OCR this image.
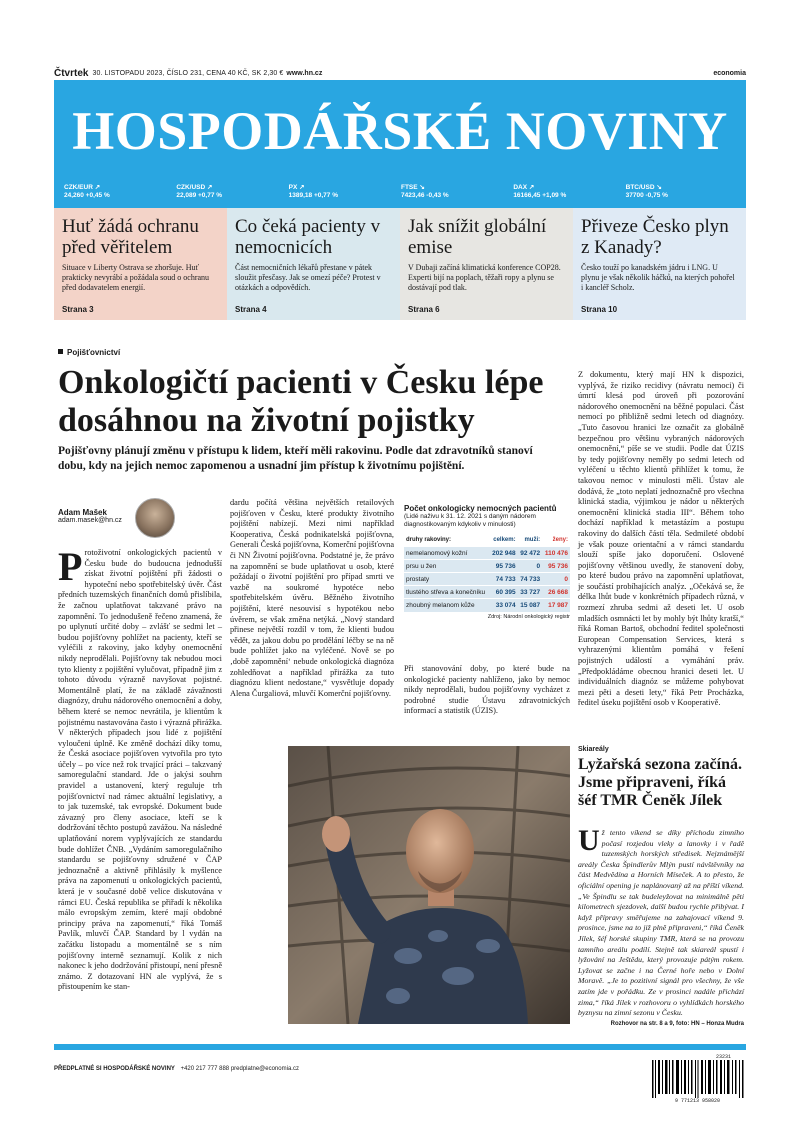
Čtvrtek 30. LISTOPADU 2023, ČÍSLO 231, CENA 40 KČ, SK 2,30 € www.hn.cz	economia
HOSPODÁŘSKÉ NOVINY
CZK/EUR ↗
24,260 +0,45 %
CZK/USD ↗
22,089 +0,77 %
PX ↗
1389,18 +0,77 %
FTSE ↘
7423,46 -0,43 %
DAX ↗
16166,45 +1,09 %
BTC/USD ↘
37700 -0,75 %
Huť žádá ochranu před věřitelem

Situace v Liberty Ostrava se zhoršuje. Huť prakticky nevyrábí a požádala soud o ochranu před dodavatelem energií.

Strana 3
Co čeká pacienty v nemocnicích

Část nemocničních lékařů přestane v pátek sloužit přesčasy. Jak se omezí péče? Protest v otázkách a odpovědích.

Strana 4
Jak snížit globální emise

V Dubaji začíná klimatická konference COP28. Experti bijí na poplach, těžaři ropy a plynu se dostávají pod tlak.

Strana 6
Přiveze Česko plyn z Kanady?

Česko touží po kanadském jádru i LNG. U plynu je však několik háčků, na kterých pohořel i kancléř Scholz.

Strana 10
Pojišťovnictví
Onkologičtí pacienti v Česku lépe dosáhnou na životní pojistky
Pojišťovny plánují změnu v přístupu k lidem, kteří měli rakovinu. Podle dat zdravotníků stanoví dobu, kdy na jejich nemoc zapomenou a usnadní jim přístup k životnímu pojištění.
Adam Mašek
adam.masek@hn.cz
P rotoživotní onkologických pacientů v Česku bude do budoucna jednodušší získat životní pojištění při žádosti o hypoteční nebo spotřebitelský úvěr. Část předních tuzemských finančních domů přislíbila, že začnou uplatňovat takzvané právo na zapomnění. To jednodušeně řečeno znamená, že po uplynutí určité doby – zvlášť se sedmi let – budou pojišťovny pohlížet na pacienty, kteří se vyléčili z rakoviny, jako kdyby onemocnění nikdy neprodělali. Pojišťovny tak nebudou moci tyto klienty z pojištění vylučovat, případně jim z tohoto důvodu výrazně navyšovat pojistné. Momentálně platí, že na základě závažnosti diagnózy, druhu nádorového onemocnění a doby, během které se nemoc nevrátila, je klientům k pojistnému nastavována často i výrazná přirážka. V některých případech jsou lidé z pojištění vyloučeni úplně. Ke změně dochází díky tomu, že Česká asociace pojišťoven vytvořila pro tyto účely – po více než rok trvající práci – takzvaný samoregulační standard. Jde o jakýsi souhrn pravidel a ustanovení, který reguluje trh pojišťovnictví nad rámec aktuální legislativy, a to jak tuzemské, tak evropské. Dokument bude závazný pro členy asociace, kteří se k dodržování těchto postupů zavážou. Na následné uplatňování norem vyplývajících ze standardu bude dohlížet ČNB. „Vydáním samoregulačního standardu se pojišťovny sdružené v ČAP jednoznačně a aktivně přihlásily k myšlence práva na zapomenutí u onkologických pacientů, která je v současné době velice diskutována v rámci EU. Česká republika se přiřadí k několika málo evropským zemím, které mají obdobné principy práva na zapomenutí,“ říká Tomáš Pavlík, mluvčí ČAP. Standard by l vydán na začátku listopadu a momentálně se s ním pojišťovny interně seznamují. Kolik z nich nakonec k jeho dodržování přistoupí, není přesně známo. Z dotazovaní HN ale vyplývá, že s přistoupením ke stan-
dardu počítá většina největších retailových pojišťoven v Česku, které produkty životního pojištění nabízejí. Mezi nimi například Kooperativa, Česká podnikatelská pojišťovna, Generali Česká pojišťovna, Komerční pojišťovna či NN Životní pojišťovna. Podstatné je, že právo na zapomnění se bude uplatňovat u osob, které požádají o životní pojištění pro případ smrti ve vazbě na soukromé hypotéce nebo spotřebitelském úvěru. Běžného životního pojištění, které nesouvisí s hypotékou nebo úvěrem, se však změna netýká. „Nový standard přinese největší rozdíl v tom, že klienti budou vědět, za jakou dobu po prodělání léčby se na ně bude pohlížet jako na vyléčené. Nově se po ‚době zapomnění‘ nebude onkologická diagnóza zohledňovat a například přirážka za tuto diagnózu klient nedostane,“ vysvětluje dopady Alena Čurgaliová, mluvčí Komerční pojišťovny.
Počet onkologicky nemocných pacientů
(Lidé naživu k 31. 12. 2021 s daným nádorem diagnostikovaným kdykoliv v minulosti)
druhy rakoviny:	celkem:	muži:	ženy:
nemelanomový kožní	202 948	92 472	110 476
prsu u žen	95 736	0	95 736
prostaty	74 733	74 733	0
tlustého střeva a konečníku	60 395	33 727	26 668
zhoubný melanom kůže	33 074	15 087	17 987
Zdroj: Národní onkologický registr
Při stanovování doby, po které bude na onkologické pacienty nahlíženo, jako by nemoc nikdy neprodělali, budou pojišťovny vycházet z podrobné studie Ústavu zdravotnických informací a statistik (ÚZIS).
Z dokumentu, který mají HN k dispozici, vyplývá, že riziko recidivy (návratu nemoci) či úmrtí klesá pod úroveň při pozorování nádorového onemocnění na běžné populaci. Část nemocí po přibližně sedmi letech od diagnózy. „Tuto časovou hranici lze označit za globálně bezpečnou pro většinu vybraných nádorových onemocnění,“ píše se ve studii. Podle dat ÚZIS by tedy pojišťovny neměly po sedmi letech od vyléčení u těchto klientů přihlížet k tomu, že takovou nemoc v minulosti měli. Ústav ale dodává, že „toto neplatí jednoznačně pro všechna klinická stadia, výjimkou je nádor u některých onemocnění klinická stadia III“. Během toho dochází například k metastázím a postupu rakoviny do dalších částí těla. Sedmileté období je však pouze orientační a v rámci standardu slouží spíše jako doporučení. Oslovené pojišťovny většinou uvedly, že stanovení doby, po které budou právo na zapomnění uplatňovat, je součástí probíhajících analýz. „Očekává se, že délka lhůt bude v konkrétních případech různá, v rozmezí zhruba sedmi až deseti let. U osob mladších osmnácti let by mohly být lhůty kratší,“ říká Roman Bartoš, obchodní ředitel společnosti European Compensation Services, která s vyhrazenými klientům pomáhá v řešení pojistných událostí a vymáhání práv. „Předpokládáme obecnou hranici deseti let. U individuálních diagnóz se můžeme pohybovat mezi pěti a deseti lety,“ říká Petr Procházka, ředitel úseku pojištění osob v Kooperativě.
Skiareály
Lyžařská sezona začíná. Jsme připraveni, říká šéf TMR Čeněk Jílek
U ž tento víkend se díky příchodu zimního počasí rozjedou vleky a lanovky i v řadě tuzemských horských středisek. Nejznámější areály Česka Špindlerův Mlýn pustí návštěvníky na část Medvědína a Horních Míseček. A to přesto, že oficiální opening je naplánovaný až na příští víkend. „Ve Špindlu se tak budeleyžovat na minimálně pěti kilometrech sjezdovek, další budou rychle přibývat. I když přípravy směřujeme na zahajovací víkend 9. prosince, jsme na to již plně připraveni,“ říká Čeněk Jílek, šéf horské skupiny TMR, která se na provozu tamního areálu podílí. Stejně tak skiareál spustí i lyžování na Ještědu, který provozuje pátým rokem. Lyžovat se začne i na Černé hoře nebo v Dolní Moravě. „Je to pozitivní signál pro všechny, že vše zatím jde v pořádku. Ze v prosinci nadále přichází zima,“ říká Jílek v rozhovoru o vyhlídkách horského byznysu na zimní sezonu v Česku.
Rozhovor na str. 8 a 9, foto: HN – Honza Mudra
PŘEDPLATNÉ SI HOSPODÁŘSKÉ NOVINY +420 217 777 888 predplatne@economia.cz
23231
9 771213 958020
